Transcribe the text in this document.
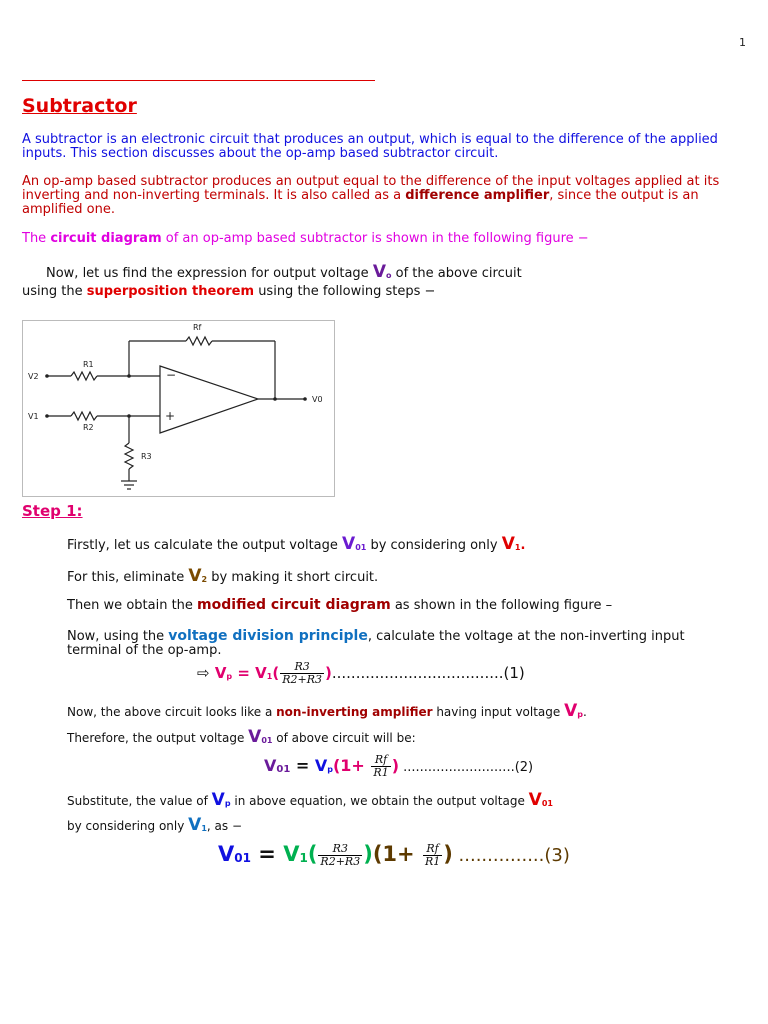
1
Subtractor
A subtractor is an electronic circuit that produces an output, which is equal to the difference of the applied inputs. This section discusses about the op-amp based subtractor circuit.
An op-amp based subtractor produces an output equal to the difference of the input voltages applied at its inverting and non-inverting terminals. It is also called as a difference amplifier, since the output is an amplified one.
The circuit diagram of an op-amp based subtractor is shown in the following figure −
Now, let us find the expression for output voltage Vo of the above circuit
using the superposition theorem using the following steps −
Rf
R1
R2
R3
V2
V1
V0
−
+
Step 1:
Firstly, let us calculate the output voltage V01 by considering only V1.
For this, eliminate V2 by making it short circuit.
Then we obtain the modified circuit diagram as shown in the following figure –
Now, using the voltage division principle, calculate the voltage at the non-inverting input terminal of the op-amp.
⇨ $Vp = V1( \frac{R3}{R2+R3} )....................................(1)$
Now, the above circuit looks like a non-inverting amplifier having input voltage Vp.
Therefore, the output voltage V01 of above circuit will be:
$V01 = Vp(1+ \frac{Rf}{R1}$ ) ...........................(2)
Substitute, the value of Vp in above equation, we obtain the output voltage V01
by considering only V1, as −
$V01 = V1( \frac{R3}{R2+R3} )(1+ \frac{Rf}{R1}$ ) ...............(3)
